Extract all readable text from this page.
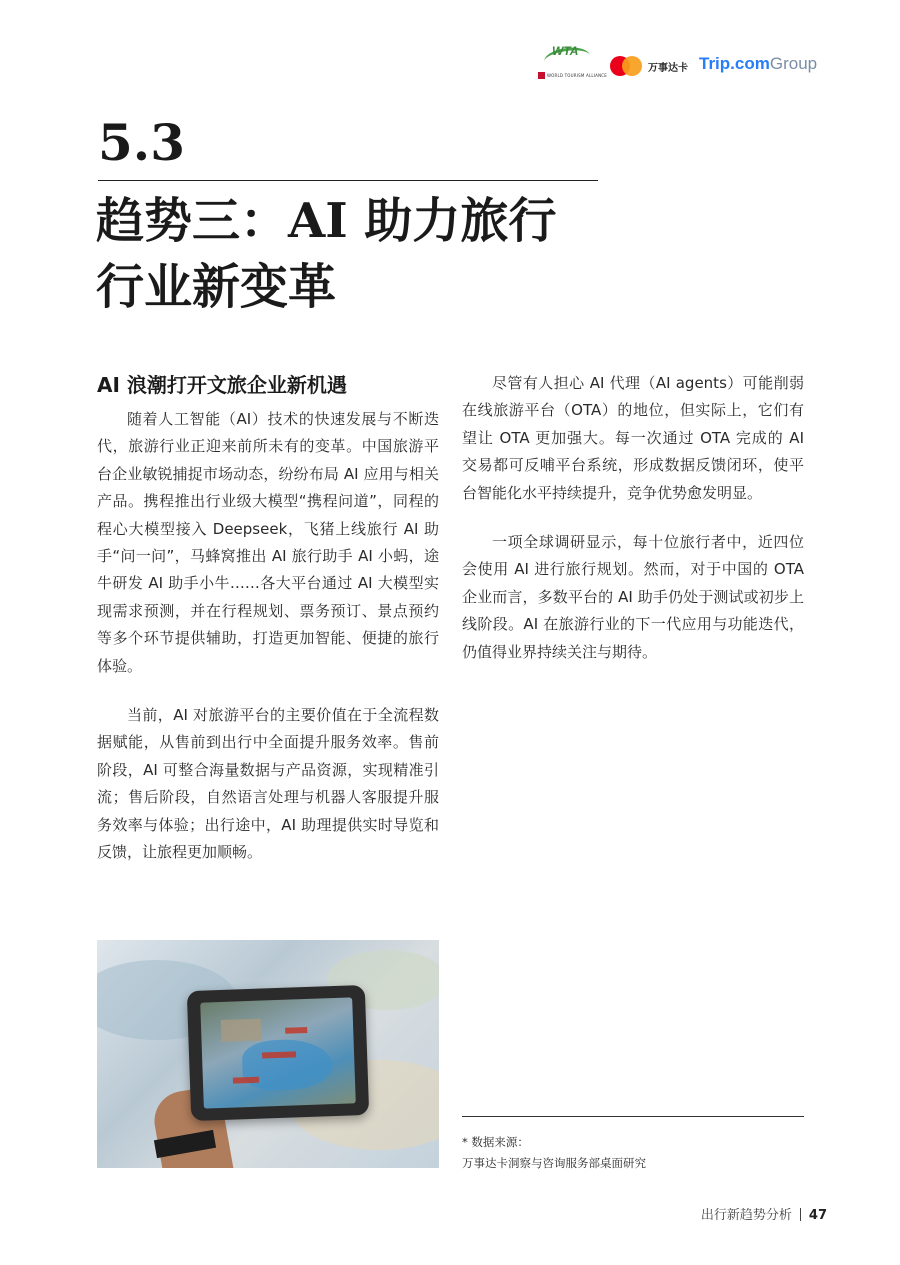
WTA
WORLD TOURISM ALLIANCE
万事达卡 Trip.comGroup
5.3
趋势三：AI 助力旅行
行业新变革
AI 浪潮打开文旅企业新机遇

随着人工智能（AI）技术的快速发展与不断迭代，旅游行业正迎来前所未有的变革。中国旅游平台企业敏锐捕捉市场动态，纷纷布局 AI 应用与相关产品。携程推出行业级大模型“携程问道”，同程的程心大模型接入 Deepseek，飞猪上线旅行 AI 助手“问一问”，马蜂窝推出 AI 旅行助手 AI 小蚂，途牛研发 AI 助手小牛……各大平台通过 AI 大模型实现需求预测，并在行程规划、票务预订、景点预约等多个环节提供辅助，打造更加智能、便捷的旅行体验。

当前，AI 对旅游平台的主要价值在于全流程数据赋能，从售前到出行中全面提升服务效率。售前阶段，AI 可整合海量数据与产品资源，实现精准引流；售后阶段，自然语言处理与机器人客服提升服务效率与体验；出行途中，AI 助理提供实时导览和反馈，让旅程更加顺畅。

尽管有人担心 AI 代理（AI agents）可能削弱在线旅游平台（OTA）的地位，但实际上，它们有望让 OTA 更加强大。每一次通过 OTA 完成的 AI 交易都可反哺平台系统，形成数据反馈闭环，使平台智能化水平持续提升，竞争优势愈发明显。

一项全球调研显示，每十位旅行者中，近四位会使用 AI 进行旅行规划。然而，对于中国的 OTA 企业而言，多数平台的 AI 助手仍处于测试或初步上线阶段。AI 在旅游行业的下一代应用与功能迭代，仍值得业界持续关注与期待。

* 数据来源：
万事达卡洞察与咨询服务部桌面研究
出行新趋势分析 47
